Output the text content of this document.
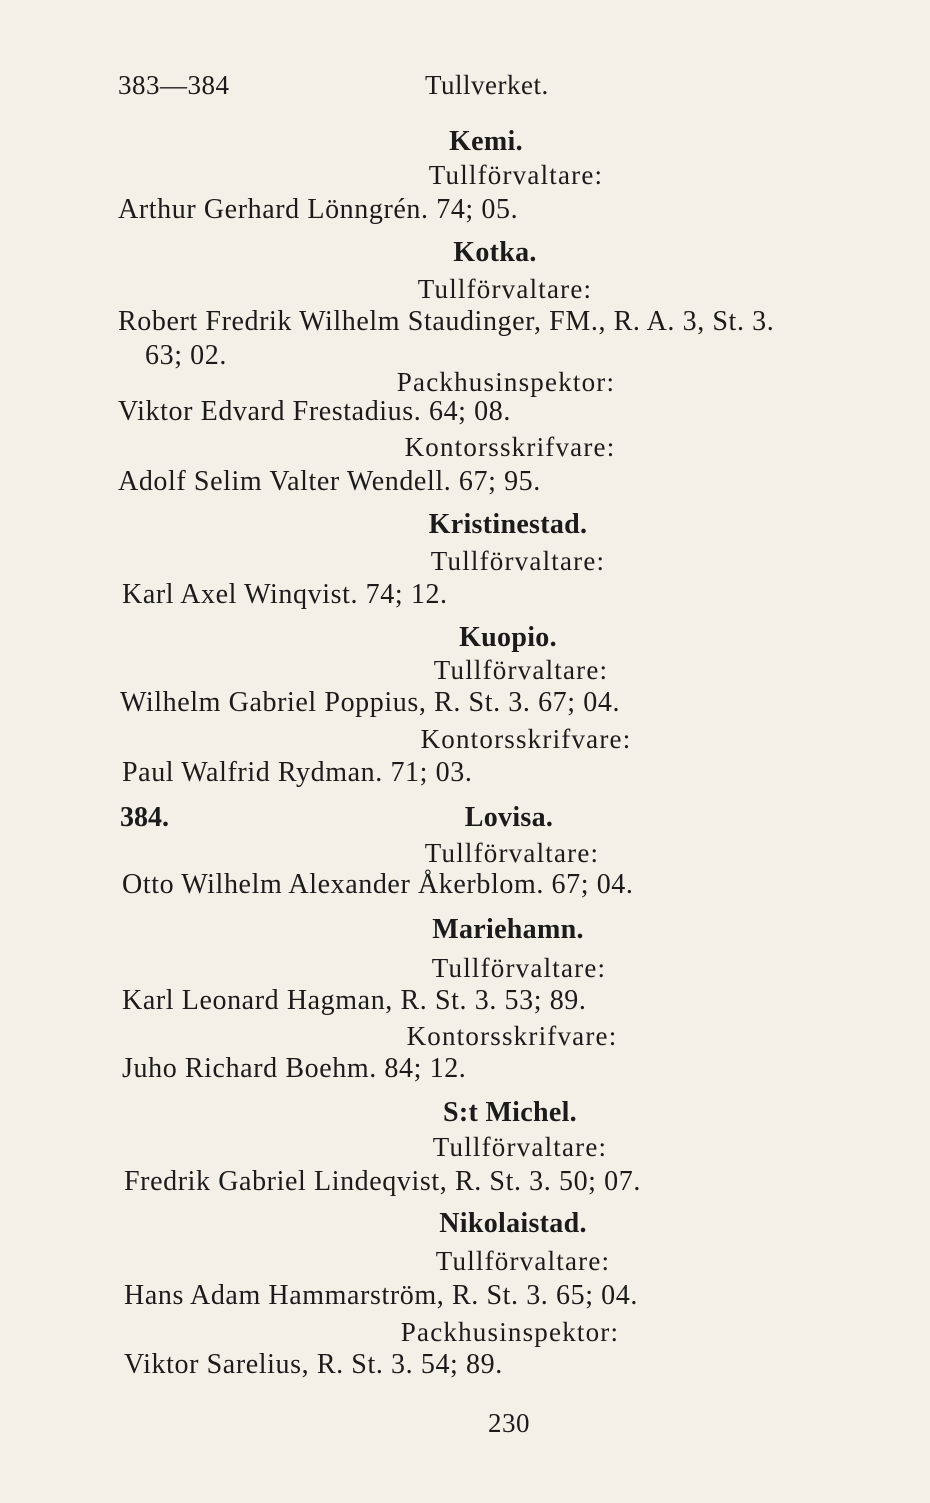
383—384	Tullverket.
Kemi.
Tullförvaltare:
Arthur Gerhard Lönngrén. 74; 05.
Kotka.
Tullförvaltare:
Robert Fredrik Wilhelm Staudinger, FM., R. A. 3, St. 3.
63; 02.
Packhusinspektor:
Viktor Edvard Frestadius. 64; 08.
Kontorsskrifvare:
Adolf Selim Valter Wendell. 67; 95.
Kristinestad.
Tullförvaltare:
Karl Axel Winqvist. 74; 12.
Kuopio.
Tullförvaltare:
Wilhelm Gabriel Poppius, R. St. 3. 67; 04.
Kontorsskrifvare:
Paul Walfrid Rydman. 71; 03.
384.	Lovisa.
Tullförvaltare:
Otto Wilhelm Alexander Åkerblom. 67; 04.
Mariehamn.
Tullförvaltare:
Karl Leonard Hagman, R. St. 3. 53; 89.
Kontorsskrifvare:
Juho Richard Boehm. 84; 12.
S:t Michel.
Tullförvaltare:
Fredrik Gabriel Lindeqvist, R. St. 3. 50; 07.
Nikolaistad.
Tullförvaltare:
Hans Adam Hammarström, R. St. 3. 65; 04.
Packhusinspektor:
Viktor Sarelius, R. St. 3. 54; 89.
230
